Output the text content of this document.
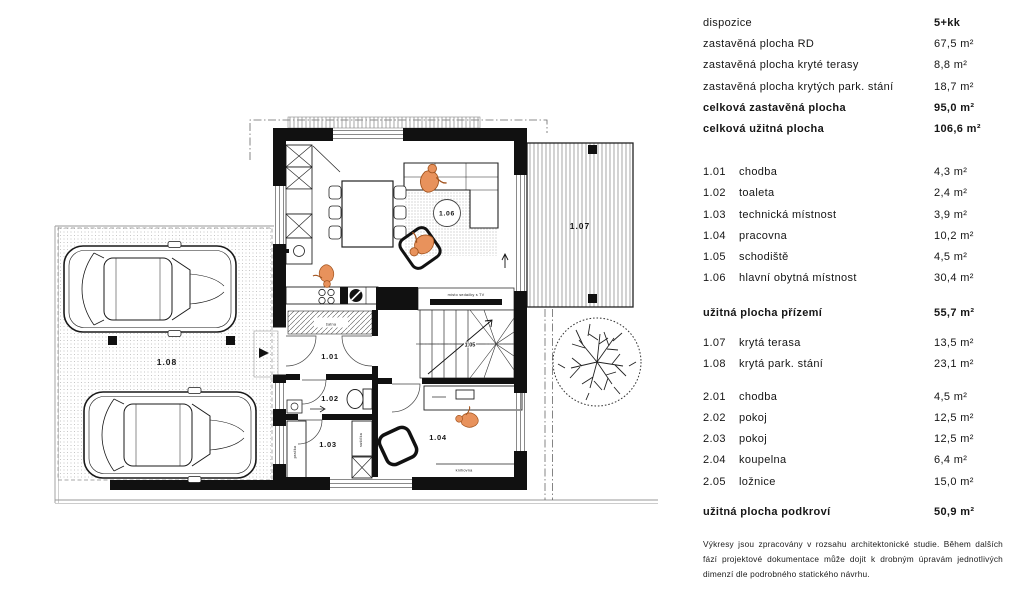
1.08
1.07
1.01
1.02
1.03
1.04
1.05
1.06
místo sedačky s TV
knihovna
šatna
pračka
sušička
dispozice	5+kk
zastavěná plocha RD	67,5 m²
zastavěná plocha kryté terasy	8,8 m²
zastavěná plocha krytých park. stání	18,7 m²
celková zastavěná plocha	95,0 m²
celková užitná plocha	106,6 m²
1.01	chodba	4,3 m²
1.02	toaleta	2,4 m²
1.03	technická místnost	3,9 m²
1.04	pracovna	10,2 m²
1.05	schodiště	4,5 m²
1.06	hlavní obytná místnost	30,4 m²
užitná plocha přízemí	55,7 m²
1.07	krytá terasa	13,5 m²
1.08	krytá park. stání	23,1 m²
2.01	chodba	4,5 m²
2.02	pokoj	12,5 m²
2.03	pokoj	12,5 m²
2.04	koupelna	6,4 m²
2.05	ložnice	15,0 m²
užitná plocha podkroví	50,9 m²
Výkresy jsou zpracovány v rozsahu architektonické studie. Během dalších fází projektové dokumentace může dojit k drobným úpravám jednotlivých dimenzí dle podrobného statického návrhu.
